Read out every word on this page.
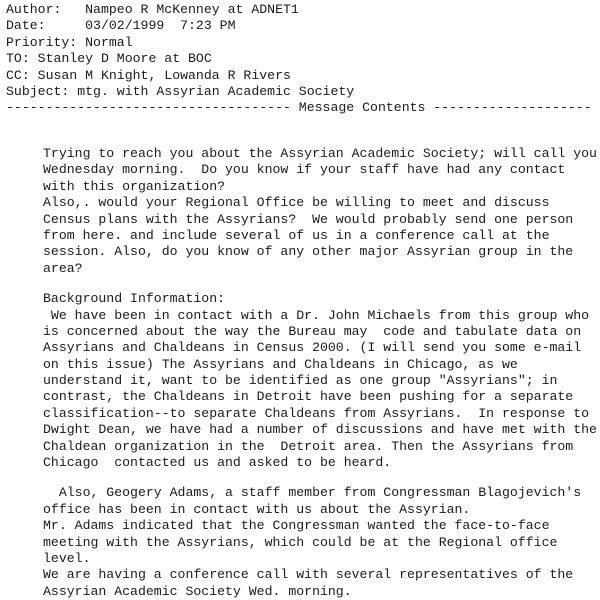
Author:   Nampeo R McKenney at ADNET1
Date:     03/02/1999  7:23 PM
Priority: Normal
TO: Stanley D Moore at BOC
CC: Susan M Knight, Lowanda R Rivers
Subject: mtg. with Assyrian Academic Society
------------------------------------ Message Contents --------------------
Trying to reach you about the Assyrian Academic Society; will call you
Wednesday morning.  Do you know if your staff have had any contact
with this organization?
Also,. would your Regional Office be willing to meet and discuss
Census plans with the Assyrians?  We would probably send one person
from here. and include several of us in a conference call at the
session. Also, do you know of any other major Assyrian group in the
area?
Background Information:
We have been in contact with a Dr. John Michaels from this group who
is concerned about the way the Bureau may  code and tabulate data on
Assyrians and Chaldeans in Census 2000. (I will send you some e-mail
on this issue) The Assyrians and Chaldeans in Chicago, as we
understand it, want to be identified as one group "Assyrians"; in
contrast, the Chaldeans in Detroit have been pushing for a separate
classification--to separate Chaldeans from Assyrians.  In response to
Dwight Dean, we have had a number of discussions and have met with the
Chaldean organization in the  Detroit area. Then the Assyrians from
Chicago  contacted us and asked to be heard.
Also, Geogery Adams, a staff member from Congressman Blagojevich's
office has been in contact with us about the Assyrian.
Mr. Adams indicated that the Congressman wanted the face-to-face
meeting with the Assyrians, which could be at the Regional office
level.
We are having a conference call with several representatives of the
Assyrian Academic Society Wed. morning.
